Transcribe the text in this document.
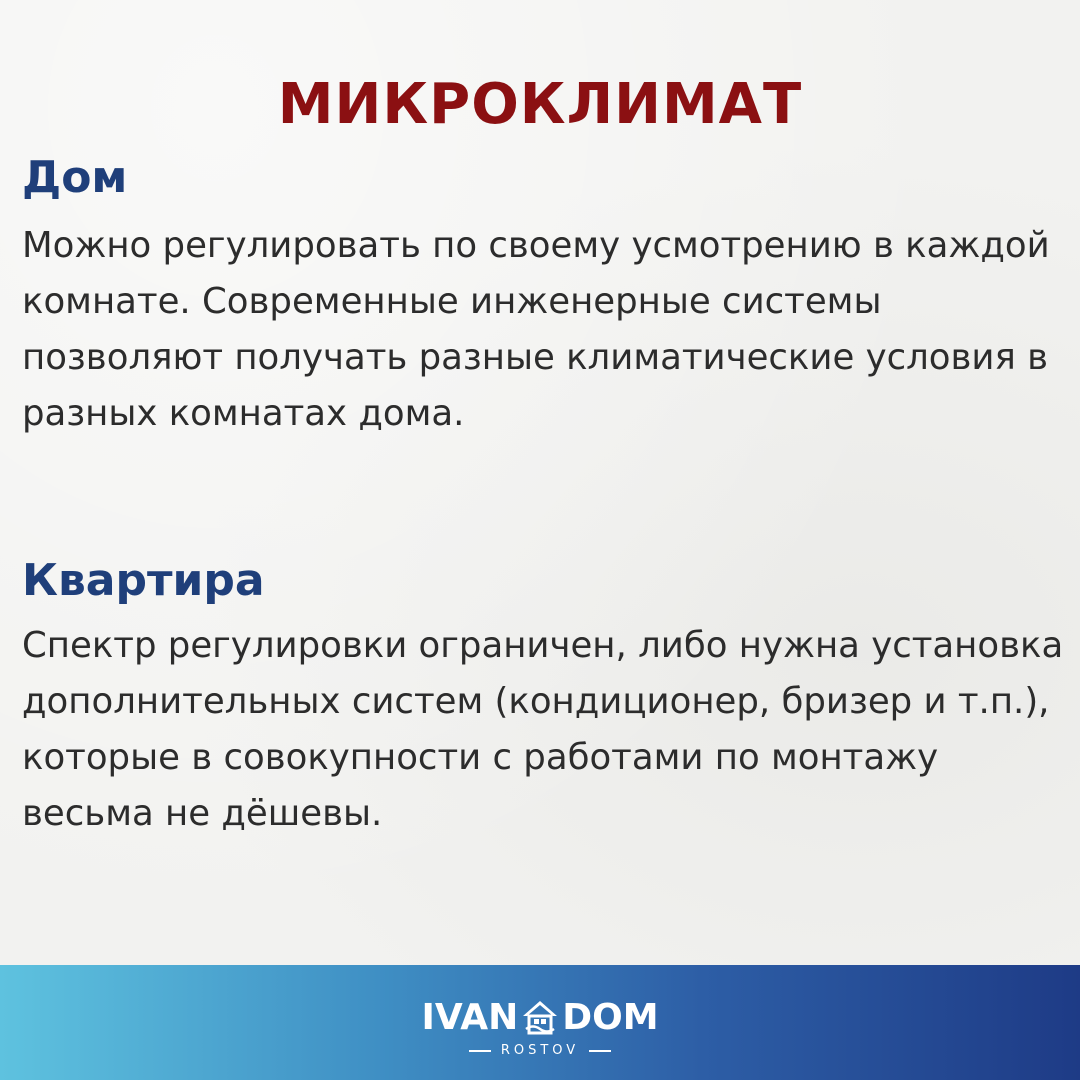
МИКРОКЛИМАТ
Дом

Можно регулировать по своему усмотрению в каждой комнате. Современные инженерные системы позволяют получать разные климатические условия в разных комнатах дома.

Квартира

Спектр регулировки ограничен, либо нужна установка дополнительных систем (кондиционер, бризер и т.п.), которые в совокупности с работами по монтажу весьма не дёшевы.

IVAN DOM
ROSTOV
